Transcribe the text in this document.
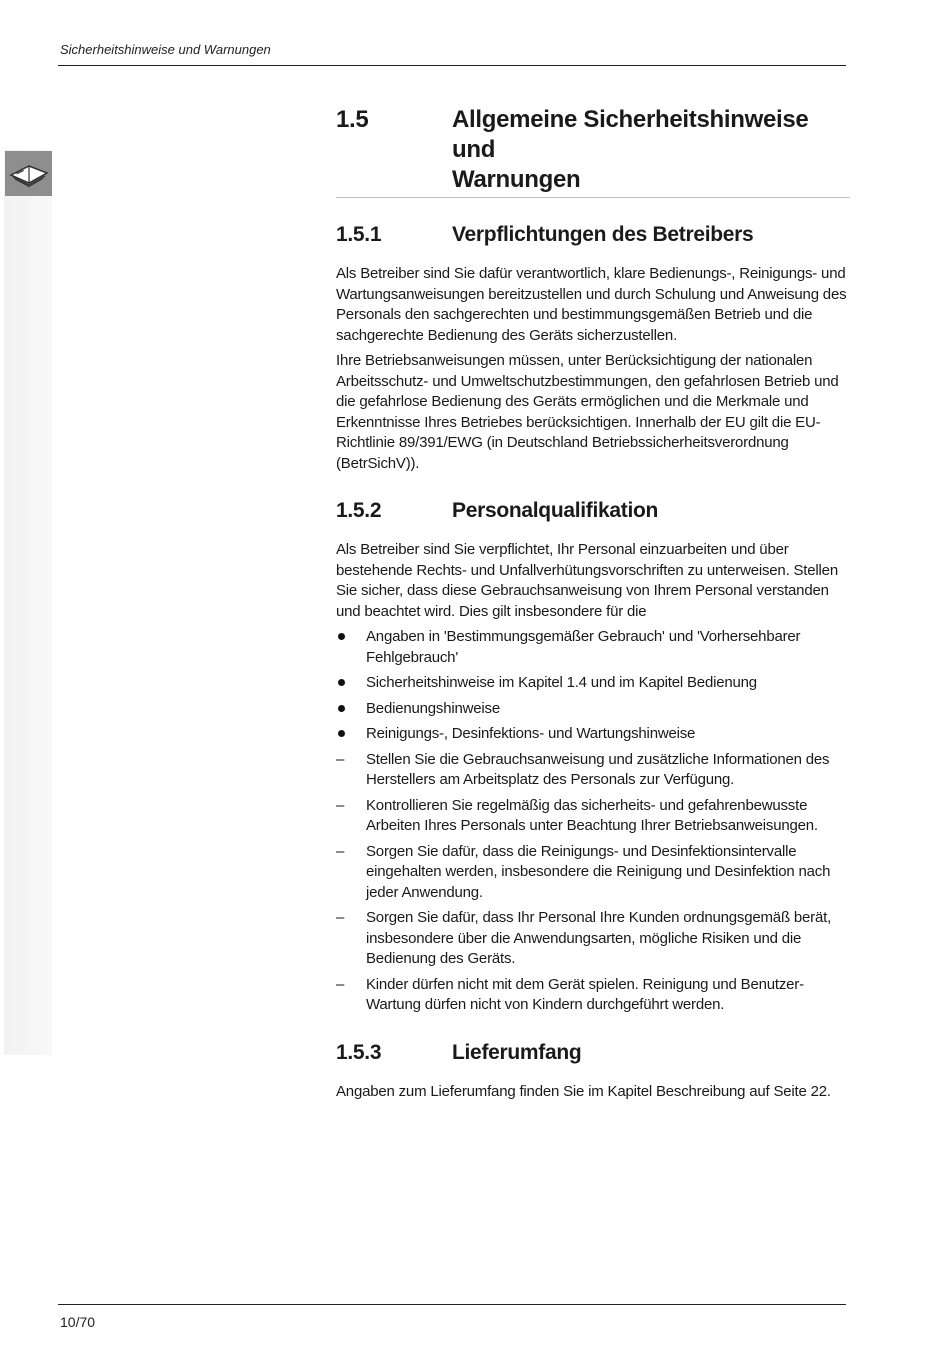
Sicherheitshinweise und Warnungen
1.5	Allgemeine Sicherheitshinweise und
Warnungen
1.5.1	Verpflichtungen des Betreibers

Als Betreiber sind Sie dafür verantwortlich, klare Bedienungs-, Reinigungs- und Wartungsanweisungen bereitzustellen und durch Schulung und Anweisung des Personals den sachgerechten und bestimmungsgemäßen Betrieb und die sachgerechte Bedienung des Geräts sicherzustellen.

Ihre Betriebsanweisungen müssen, unter Berücksichtigung der nationalen Arbeitsschutz- und Umweltschutzbestimmungen, den gefahrlosen Betrieb und die gefahrlose Bedienung des Geräts ermöglichen und die Merkmale und Erkenntnisse Ihres Betriebes berücksichtigen. Innerhalb der EU gilt die EU-Richtlinie 89/391/EWG (in Deutschland Betriebssicherheitsverordnung (BetrSichV)).

1.5.2	Personalqualifikation

Als Betreiber sind Sie verpflichtet, Ihr Personal einzuarbeiten und über bestehende Rechts- und Unfallverhütungsvorschriften zu unterweisen. Stellen Sie sicher, dass diese Gebrauchsanweisung von Ihrem Personal verstanden und beachtet wird. Dies gilt insbesondere für die

Angaben in 'Bestimmungsgemäßer Gebrauch' und 'Vorhersehbarer Fehlgebrauch'
Sicherheitshinweise im Kapitel 1.4 und im Kapitel Bedienung
Bedienungshinweise
Reinigungs-, Desinfektions- und Wartungshinweise
– Stellen Sie die Gebrauchsanweisung und zusätzliche Informationen des Herstellers am Arbeitsplatz des Personals zur Verfügung.
– Kontrollieren Sie regelmäßig das sicherheits- und gefahrenbewusste Arbeiten Ihres Personals unter Beachtung Ihrer Betriebsanweisungen.
– Sorgen Sie dafür, dass die Reinigungs- und Desinfektionsintervalle eingehalten werden, insbesondere die Reinigung und Desinfektion nach jeder Anwendung.
– Sorgen Sie dafür, dass Ihr Personal Ihre Kunden ordnungsgemäß berät, insbesondere über die Anwendungsarten, mögliche Risiken und die Bedienung des Geräts.
– Kinder dürfen nicht mit dem Gerät spielen. Reinigung und Benutzer-Wartung dürfen nicht von Kindern durchgeführt werden.
1.5.3	Lieferumfang

Angaben zum Lieferumfang finden Sie im Kapitel Beschreibung auf Seite 22.

10/70
